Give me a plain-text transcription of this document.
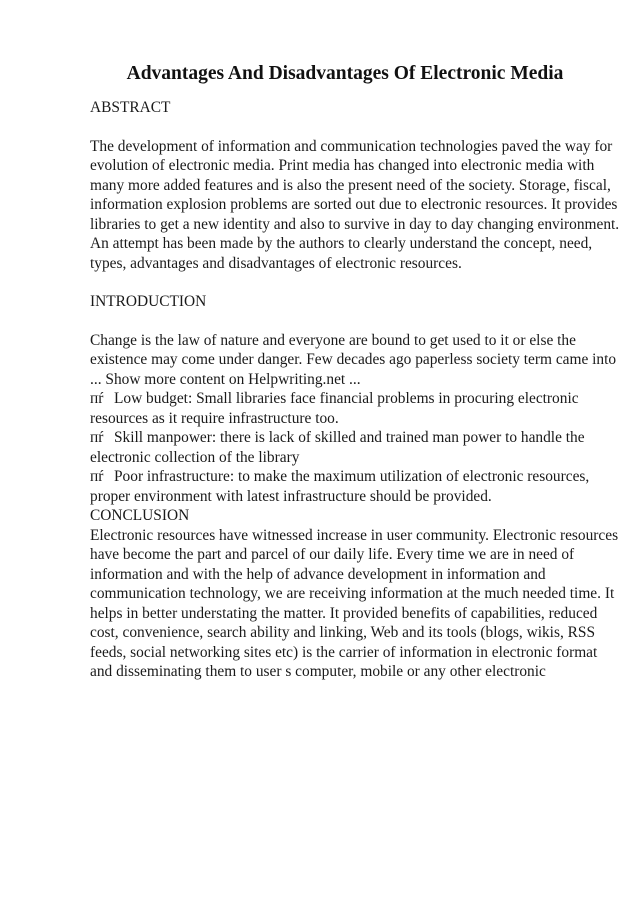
Advantages And Disadvantages Of Electronic Media

ABSTRACT

The development of information and communication technologies paved the way for
evolution of electronic media. Print media has changed into electronic media with
many more added features and is also the present need of the society. Storage, fiscal,
information explosion problems are sorted out due to electronic resources. It provides
libraries to get a new identity and also to survive in day to day changing environment.
An attempt has been made by the authors to clearly understand the concept, need,
types, advantages and disadvantages of electronic resources.

INTRODUCTION

Change is the law of nature and everyone are bound to get used to it or else the
existence may come under danger. Few decades ago paperless society term came into
... Show more content on Helpwriting.net ...
пŕ Low budget: Small libraries face financial problems in procuring electronic
resources as it require infrastructure too.
пŕ Skill manpower: there is lack of skilled and trained man power to handle the
electronic collection of the library
пŕ Poor infrastructure: to make the maximum utilization of electronic resources,
proper environment with latest infrastructure should be provided.

CONCLUSION

Electronic resources have witnessed increase in user community. Electronic resources
have become the part and parcel of our daily life. Every time we are in need of
information and with the help of advance development in information and
communication technology, we are receiving information at the much needed time. It
helps in better understating the matter. It provided benefits of capabilities, reduced
cost, convenience, search ability and linking, Web and its tools (blogs, wikis, RSS
feeds, social networking sites etc) is the carrier of information in electronic format
and disseminating them to user s computer, mobile or any other electronic
